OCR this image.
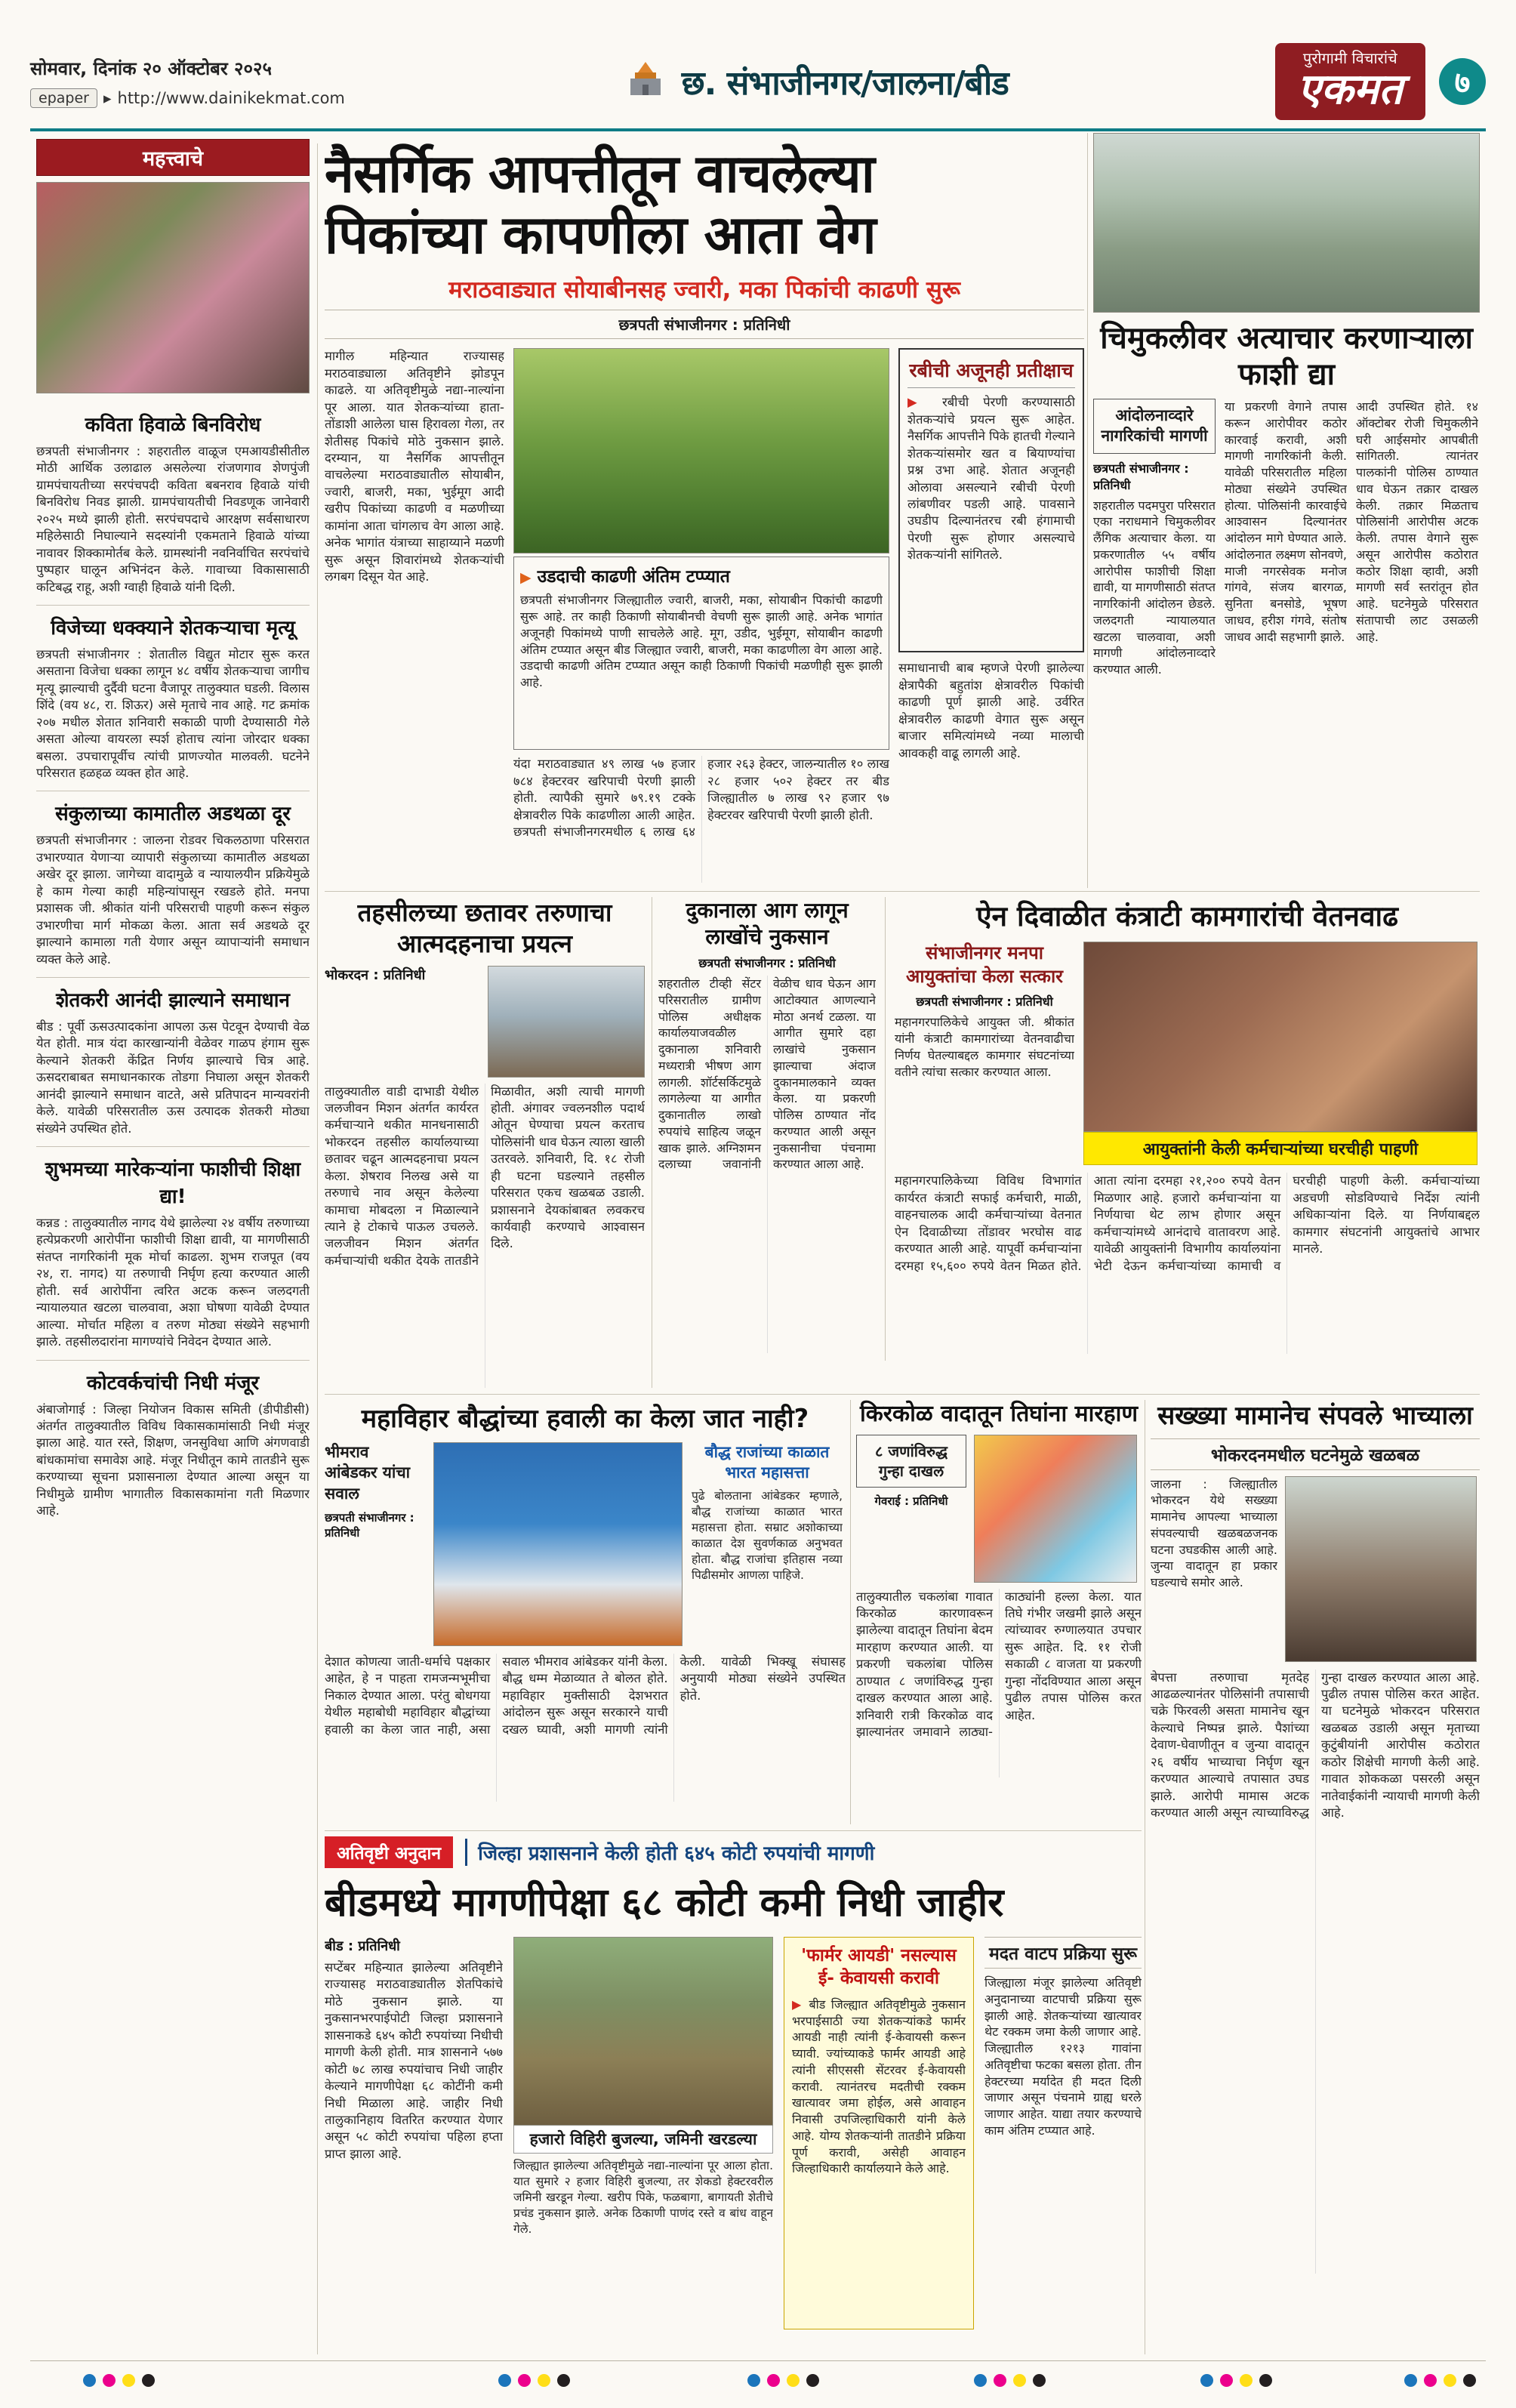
सोमवार, दिनांक २० ऑक्टोबर २०२५
epaper ▸ http://www.dainikekmat.com	छ. संभाजीनगर/जालना/बीड
पुरोगामी विचारांचे
एकमत	७
महत्त्वाचे
कविता हिवाळे बिनविरोध

छत्रपती संभाजीनगर : शहरातील वाळूज एमआयडीसीतील मोठी आर्थिक उलाढाल असलेल्या रांजणगाव शेणपुंजी ग्रामपंचायतीच्या सरपंचपदी कविता बबनराव हिवाळे यांची बिनविरोध निवड झाली. ग्रामपंचायतीची निवडणूक जानेवारी २०२५ मध्ये झाली होती. सरपंचपदाचे आरक्षण सर्वसाधारण महिलेसाठी निघाल्याने सदस्यांनी एकमताने हिवाळे यांच्या नावावर शिक्कामोर्तब केले. ग्रामस्थांनी नवनिर्वाचित सरपंचांचे पुष्पहार घालून अभिनंदन केले. गावाच्या विकासासाठी कटिबद्ध राहू, अशी ग्वाही हिवाळे यांनी दिली.

विजेच्या धक्क्याने शेतकऱ्याचा मृत्यू

छत्रपती संभाजीनगर : शेतातील विद्युत मोटार सुरू करत असताना विजेचा धक्का लागून ४८ वर्षीय शेतकऱ्याचा जागीच मृत्यू झाल्याची दुर्दैवी घटना वैजापूर तालुक्यात घडली. विलास शिंदे (वय ४८, रा. शिऊर) असे मृताचे नाव आहे. गट क्रमांक २०७ मधील शेतात शनिवारी सकाळी पाणी देण्यासाठी गेले असता ओल्या वायरला स्पर्श होताच त्यांना जोरदार धक्का बसला. उपचारापूर्वीच त्यांची प्राणज्योत मालवली. घटनेने परिसरात हळहळ व्यक्त होत आहे.

संकुलाच्या कामातील अडथळा दूर

छत्रपती संभाजीनगर : जालना रोडवर चिकलठाणा परिसरात उभारण्यात येणाऱ्या व्यापारी संकुलाच्या कामातील अडथळा अखेर दूर झाला. जागेच्या वादामुळे व न्यायालयीन प्रक्रियेमुळे हे काम गेल्या काही महिन्यांपासून रखडले होते. मनपा प्रशासक जी. श्रीकांत यांनी परिसराची पाहणी करून संकुल उभारणीचा मार्ग मोकळा केला. आता सर्व अडथळे दूर झाल्याने कामाला गती येणार असून व्यापाऱ्यांनी समाधान व्यक्त केले आहे.

शेतकरी आनंदी झाल्याने समाधान

बीड : पूर्वी ऊसउत्पादकांना आपला ऊस पेटवून देण्याची वेळ येत होती. मात्र यंदा कारखान्यांनी वेळेवर गाळप हंगाम सुरू केल्याने शेतकरी केंद्रित निर्णय झाल्याचे चित्र आहे. ऊसदराबाबत समाधानकारक तोडगा निघाला असून शेतकरी आनंदी झाल्याने समाधान वाटते, असे प्रतिपादन मान्यवरांनी केले. यावेळी परिसरातील ऊस उत्पादक शेतकरी मोठ्या संख्येने उपस्थित होते.

शुभमच्या मारेकऱ्यांना फाशीची शिक्षा द्या!

कन्नड : तालुक्यातील नागद येथे झालेल्या २४ वर्षीय तरुणाच्या हत्येप्रकरणी आरोपींना फाशीची शिक्षा द्यावी, या मागणीसाठी संतप्त नागरिकांनी मूक मोर्चा काढला. शुभम राजपूत (वय २४, रा. नागद) या तरुणाची निर्घृण हत्या करण्यात आली होती. सर्व आरोपींना त्वरित अटक करून जलदगती न्यायालयात खटला चालवावा, अशा घोषणा यावेळी देण्यात आल्या. मोर्चात महिला व तरुण मोठ्या संख्येने सहभागी झाले. तहसीलदारांना मागण्यांचे निवेदन देण्यात आले.

कोटवर्कचांची निधी मंजूर

अंबाजोगाई : जिल्हा नियोजन विकास समिती (डीपीडीसी) अंतर्गत तालुक्यातील विविध विकासकामांसाठी निधी मंजूर झाला आहे. यात रस्ते, शिक्षण, जनसुविधा आणि अंगणवाडी बांधकामांचा समावेश आहे. मंजूर निधीतून कामे तातडीने सुरू करण्याच्या सूचना प्रशासनाला देण्यात आल्या असून या निधीमुळे ग्रामीण भागातील विकासकामांना गती मिळणार आहे.

नैसर्गिक आपत्तीतून वाचलेल्या
पिकांच्या कापणीला आता वेग
मराठवाड्यात सोयाबीनसह ज्वारी, मका पिकांची काढणी सुरू
छत्रपती संभाजीनगर : प्रतिनिधी

मागील महिन्यात राज्यासह मराठवाड्याला अतिवृष्टीने झोडपून काढले. या अतिवृष्टीमुळे नद्या-नाल्यांना पूर आला. यात शेतकऱ्यांच्या हाता-तोंडाशी आलेला घास हिरावला गेला, तर शेतीसह पिकांचे मोठे नुकसान झाले. दरम्यान, या नैसर्गिक आपत्तीतून वाचलेल्या मराठवाड्यातील सोयाबीन, ज्वारी, बाजरी, मका, भुईमूग आदी खरीप पिकांच्या काढणी व मळणीच्या कामांना आता चांगलाच वेग आला आहे. अनेक भागांत यंत्राच्या साहाय्याने मळणी सुरू असून शिवारांमध्ये शेतकऱ्यांची लगबग दिसून येत आहे.	▶ उडदाची काढणी अंतिम टप्प्यात

छत्रपती संभाजीनगर जिल्ह्यातील ज्वारी, बाजरी, मका, सोयाबीन पिकांची काढणी सुरू आहे. तर काही ठिकाणी सोयाबीनची वेचणी सुरू झाली आहे. अनेक भागांत अजूनही पिकांमध्ये पाणी साचलेले आहे. मूग, उडीद, भुईमूग, सोयाबीन काढणी अंतिम टप्प्यात असून बीड जिल्ह्यात ज्वारी, बाजरी, मका काढणीला वेग आला आहे. उडदाची काढणी अंतिम टप्प्यात असून काही ठिकाणी पिकांची मळणीही सुरू झाली आहे.

यंदा मराठवाड्यात ४९ लाख ५७ हजार ७८४ हेक्टरवर खरिपाची पेरणी झाली होती. त्यापैकी सुमारे ७९.१९ टक्के क्षेत्रावरील पिके काढणीला आली आहेत. छत्रपती संभाजीनगरमधील ६ लाख ६४ हजार २६३ हेक्टर, जालन्यातील १० लाख २८ हजार ५०२ हेक्टर तर बीड जिल्ह्यातील ७ लाख ९२ हजार ९७ हेक्टरवर खरिपाची पेरणी झाली होती.

रबीची अजूनही प्रतीक्षाच

▶ रबीची पेरणी करण्यासाठी शेतकऱ्यांचे प्रयत्न सुरू आहेत. नैसर्गिक आपत्तीने पिके हातची गेल्याने शेतकऱ्यांसमोर खत व बियाण्यांचा प्रश्न उभा आहे. शेतात अजूनही ओलावा असल्याने रबीची पेरणी लांबणीवर पडली आहे. पावसाने उघडीप दिल्यानंतरच रबी हंगामाची पेरणी सुरू होणार असल्याचे शेतकऱ्यांनी सांगितले.

समाधानाची बाब म्हणजे पेरणी झालेल्या क्षेत्रापैकी बहुतांश क्षेत्रावरील पिकांची काढणी पूर्ण झाली आहे. उर्वरित क्षेत्रावरील काढणी वेगात सुरू असून बाजार समित्यांमध्ये नव्या मालाची आवकही वाढू लागली आहे.

चिमुकलीवर अत्याचार करणाऱ्याला फाशी द्या
आंदोलनाव्दारे नागरिकांची मागणी
छत्रपती संभाजीनगर : प्रतिनिधी

शहरातील पदमपुरा परिसरात एका नराधमाने चिमुकलीवर लैंगिक अत्याचार केला. या प्रकरणातील ५५ वर्षीय आरोपीस फाशीची शिक्षा द्यावी, या मागणीसाठी संतप्त नागरिकांनी आंदोलन छेडले. जलदगती न्यायालयात खटला चालवावा, अशी मागणी आंदोलनाव्दारे करण्यात आली.

या प्रकरणी वेगाने तपास करून आरोपीवर कठोर कारवाई करावी, अशी मागणी नागरिकांनी केली. यावेळी परिसरातील महिला मोठ्या संख्येने उपस्थित होत्या. पोलिसांनी कारवाईचे आश्वासन दिल्यानंतर आंदोलन मागे घेण्यात आले. आंदोलनात लक्ष्मण सोनवणे, माजी नगरसेवक मनोज गांगवे, संजय बारगळ, सुनिता बनसोडे, भूषण जाधव, हरीश गंगवे, संतोष जाधव आदी सहभागी झाले.

आदी उपस्थित होते. १४ ऑक्टोबर रोजी चिमुकलीने घरी आईसमोर आपबीती सांगितली. त्यानंतर पालकांनी पोलिस ठाण्यात धाव घेऊन तक्रार दाखल केली. तक्रार मिळताच पोलिसांनी आरोपीस अटक केली. तपास वेगाने सुरू असून आरोपीस कठोरात कठोर शिक्षा व्हावी, अशी मागणी सर्व स्तरांतून होत आहे. घटनेमुळे परिसरात संतापाची लाट उसळली आहे.

ऐन दिवाळीत कंत्राटी कामगारांची वेतनवाढ
संभाजीनगर मनपा आयुक्तांचा केला सत्कार
छत्रपती संभाजीनगर : प्रतिनिधी

महानगरपालिकेचे आयुक्त जी. श्रीकांत यांनी कंत्राटी कामगारांच्या वेतनवाढीचा निर्णय घेतल्याबद्दल कामगार संघटनांच्या वतीने त्यांचा सत्कार करण्यात आला.

आयुक्तांनी केली कर्मचाऱ्यांच्या घरचीही पाहणी

महानगरपालिकेच्या विविध विभागांत कार्यरत कंत्राटी सफाई कर्मचारी, माळी, वाहनचालक आदी कर्मचाऱ्यांच्या वेतनात ऐन दिवाळीच्या तोंडावर भरघोस वाढ करण्यात आली आहे. यापूर्वी कर्मचाऱ्यांना दरमहा १५,६०० रुपये वेतन मिळत होते. आता त्यांना दरमहा २१,२०० रुपये वेतन मिळणार आहे. हजारो कर्मचाऱ्यांना या निर्णयाचा थेट लाभ होणार असून कर्मचाऱ्यांमध्ये आनंदाचे वातावरण आहे. यावेळी आयुक्तांनी विभागीय कार्यालयांना भेटी देऊन कर्मचाऱ्यांच्या कामाची व घरचीही पाहणी केली. कर्मचाऱ्यांच्या अडचणी सोडविण्याचे निर्देश त्यांनी अधिकाऱ्यांना दिले. या निर्णयाबद्दल कामगार संघटनांनी आयुक्तांचे आभार मानले.

तहसीलच्या छतावर तरुणाचा आत्मदहनाचा प्रयत्न
भोकरदन : प्रतिनिधी

तालुक्यातील वाडी दाभाडी येथील जलजीवन मिशन अंतर्गत कार्यरत कर्मचाऱ्याने थकीत मानधनासाठी भोकरदन तहसील कार्यालयाच्या छतावर चढून आत्मदहनाचा प्रयत्न केला. शेषराव निलख असे या तरुणाचे नाव असून केलेल्या कामाचा मोबदला न मिळाल्याने त्याने हे टोकाचे पाऊल उचलले. जलजीवन मिशन अंतर्गत कर्मचाऱ्यांची थकीत देयके तातडीने मिळावीत, अशी त्याची मागणी होती. अंगावर ज्वलनशील पदार्थ ओतून घेण्याचा प्रयत्न करताच पोलिसांनी धाव घेऊन त्याला खाली उतरवले. शनिवारी, दि. १८ रोजी ही घटना घडल्याने तहसील परिसरात एकच खळबळ उडाली. प्रशासनाने देयकांबाबत लवकरच कार्यवाही करण्याचे आश्वासन दिले.

दुकानाला आग लागून लाखोंचे नुकसान
छत्रपती संभाजीनगर : प्रतिनिधी

शहरातील टीव्ही सेंटर परिसरातील ग्रामीण पोलिस अधीक्षक कार्यालयाजवळील दुकानाला शनिवारी मध्यरात्री भीषण आग लागली. शॉर्टसर्किटमुळे लागलेल्या या आगीत दुकानातील लाखो रुपयांचे साहित्य जळून खाक झाले. अग्निशमन दलाच्या जवानांनी वेळीच धाव घेऊन आग आटोक्यात आणल्याने मोठा अनर्थ टळला. या आगीत सुमारे दहा लाखांचे नुकसान झाल्याचा अंदाज दुकानमालकाने व्यक्त केला. या प्रकरणी पोलिस ठाण्यात नोंद करण्यात आली असून नुकसानीचा पंचनामा करण्यात आला आहे.

महाविहार बौद्धांच्या हवाली का केला जात नाही?
भीमराव आंबेडकर यांचा सवाल
छत्रपती संभाजीनगर : प्रतिनिधी
बौद्ध राजांच्या काळात भारत महासत्ता

पुढे बोलताना आंबेडकर म्हणाले, बौद्ध राजांच्या काळात भारत महासत्ता होता. सम्राट अशोकाच्या काळात देश सुवर्णकाळ अनुभवत होता. बौद्ध राजांचा इतिहास नव्या पिढीसमोर आणला पाहिजे.

देशात कोणत्या जाती-धर्माचे पक्षकार आहेत, हे न पाहता रामजन्मभूमीचा निकाल देण्यात आला. परंतु बोधगया येथील महाबोधी महाविहार बौद्धांच्या हवाली का केला जात नाही, असा सवाल भीमराव आंबेडकर यांनी केला. बौद्ध धम्म मेळाव्यात ते बोलत होते. महाविहार मुक्तीसाठी देशभरात आंदोलन सुरू असून सरकारने याची दखल घ्यावी, अशी मागणी त्यांनी केली. यावेळी भिक्खू संघासह अनुयायी मोठ्या संख्येने उपस्थित होते.

किरकोळ वादातून तिघांना मारहाण
८ जणांविरुद्ध गुन्हा दाखल
गेवराई : प्रतिनिधी

तालुक्यातील चकलांबा गावात किरकोळ कारणावरून झालेल्या वादातून तिघांना बेदम मारहाण करण्यात आली. या प्रकरणी चकलांबा पोलिस ठाण्यात ८ जणांविरुद्ध गुन्हा दाखल करण्यात आला आहे. शनिवारी रात्री किरकोळ वाद झाल्यानंतर जमावाने लाठ्या-काठ्यांनी हल्ला केला. यात तिघे गंभीर जखमी झाले असून त्यांच्यावर रुग्णालयात उपचार सुरू आहेत. दि. ११ रोजी सकाळी ८ वाजता या प्रकरणी गुन्हा नोंदविण्यात आला असून पुढील तपास पोलिस करत आहेत.

सख्ख्या मामानेच संपवले भाच्याला
भोकरदनमधील घटनेमुळे खळबळ

जालना : जिल्ह्यातील भोकरदन येथे सख्ख्या मामानेच आपल्या भाच्याला संपवल्याची खळबळजनक घटना उघडकीस आली आहे. जुन्या वादातून हा प्रकार घडल्याचे समोर आले.

बेपत्ता तरुणाचा मृतदेह आढळल्यानंतर पोलिसांनी तपासाची चक्रे फिरवली असता मामानेच खून केल्याचे निष्पन्न झाले. पैशांच्या देवाण-घेवाणीतून व जुन्या वादातून २६ वर्षीय भाच्याचा निर्घृण खून करण्यात आल्याचे तपासात उघड झाले. आरोपी मामास अटक करण्यात आली असून त्याच्याविरुद्ध गुन्हा दाखल करण्यात आला आहे. पुढील तपास पोलिस करत आहेत. या घटनेमुळे भोकरदन परिसरात खळबळ उडाली असून मृताच्या कुटुंबीयांनी आरोपीस कठोरात कठोर शिक्षेची मागणी केली आहे. गावात शोककळा पसरली असून नातेवाईकांनी न्यायाची मागणी केली आहे.

अतिवृष्टी अनुदान	जिल्हा प्रशासनाने केली होती ६४५ कोटी रुपयांची मागणी
बीडमध्ये मागणीपेक्षा ६८ कोटी कमी निधी जाहीर
बीड : प्रतिनिधी

सप्टेंबर महिन्यात झालेल्या अतिवृष्टीने राज्यासह मराठवाड्यातील शेतपिकांचे मोठे नुकसान झाले. या नुकसानभरपाईपोटी जिल्हा प्रशासनाने शासनाकडे ६४५ कोटी रुपयांच्या निधीची मागणी केली होती. मात्र शासनाने ५७७ कोटी ७८ लाख रुपयांचाच निधी जाहीर केल्याने मागणीपेक्षा ६८ कोटींनी कमी निधी मिळाला आहे. जाहीर निधी तालुकानिहाय वितरित करण्यात येणार असून ५८ कोटी रुपयांचा पहिला हप्ता प्राप्त झाला आहे.

हजारो विहिरी बुजल्या, जमिनी खरडल्या

जिल्ह्यात झालेल्या अतिवृष्टीमुळे नद्या-नाल्यांना पूर आला होता. यात सुमारे २ हजार विहिरी बुजल्या, तर शेकडो हेक्टरवरील जमिनी खरडून गेल्या. खरीप पिके, फळबागा, बागायती शेतीचे प्रचंड नुकसान झाले. अनेक ठिकाणी पाणंद रस्ते व बांध वाहून गेले.

'फार्मर आयडी' नसल्यास ई- केवायसी करावी

▶ बीड जिल्ह्यात अतिवृष्टीमुळे नुकसान भरपाईसाठी ज्या शेतकऱ्यांकडे फार्मर आयडी नाही त्यांनी ई-केवायसी करून घ्यावी. ज्यांच्याकडे फार्मर आयडी आहे त्यांनी सीएससी सेंटरवर ई-केवायसी करावी. त्यानंतरच मदतीची रक्कम खात्यावर जमा होईल, असे आवाहन निवासी उपजिल्हाधिकारी यांनी केले आहे. योग्य शेतकऱ्यांनी तातडीने प्रक्रिया पूर्ण करावी, असेही आवाहन जिल्हाधिकारी कार्यालयाने केले आहे.

मदत वाटप प्रक्रिया सुरू

जिल्ह्याला मंजूर झालेल्या अतिवृष्टी अनुदानाच्या वाटपाची प्रक्रिया सुरू झाली आहे. शेतकऱ्यांच्या खात्यावर थेट रक्कम जमा केली जाणार आहे. जिल्ह्यातील १२१३ गावांना अतिवृष्टीचा फटका बसला होता. तीन हेक्टरच्या मर्यादेत ही मदत दिली जाणार असून पंचनामे ग्राह्य धरले जाणार आहेत. याद्या तयार करण्याचे काम अंतिम टप्प्यात आहे.
